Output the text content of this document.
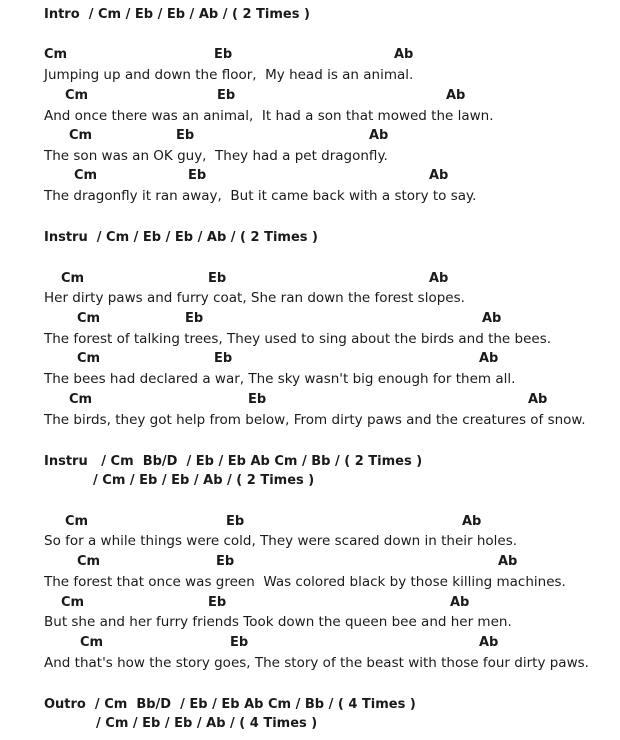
Intro  / Cm / Eb / Eb / Ab / ( 2 Times )

Cm

	Eb

	Ab

Jumping up and down the floor,  My head is an animal.

Cm

	Eb

	Ab

And once there was an animal,  It had a son that mowed the lawn.

Cm

	Eb

	Ab

The son was an OK guy,  They had a pet dragonfly.

Cm

	Eb

	Ab

The dragonfly it ran away,  But it came back with a story to say.
Instru  / Cm / Eb / Eb / Ab / ( 2 Times )

Cm

	Eb

	Ab

Her dirty paws and furry coat, She ran down the forest slopes.

Cm

	Eb

	Ab

The forest of talking trees, They used to sing about the birds and the bees.

Cm

	Eb

	Ab

The bees had declared a war, The sky wasn't big enough for them all.

Cm

	Eb

	Ab

The birds, they got help from below, From dirty paws and the creatures of snow.
Instru   / Cm  Bb/D  / Eb / Eb Ab Cm / Bb / ( 2 Times )
/ Cm / Eb / Eb / Ab / ( 2 Times )

Cm

	Eb

	Ab

So for a while things were cold, They were scared down in their holes.

Cm

	Eb

	Ab

The forest that once was green  Was colored black by those killing machines.

Cm

	Eb

	Ab

But she and her furry friends Took down the queen bee and her men.

Cm

	Eb

	Ab

And that's how the story goes, The story of the beast with those four dirty paws.
Outro  / Cm  Bb/D  / Eb / Eb Ab Cm / Bb / ( 4 Times )
/ Cm / Eb / Eb / Ab / ( 4 Times )
